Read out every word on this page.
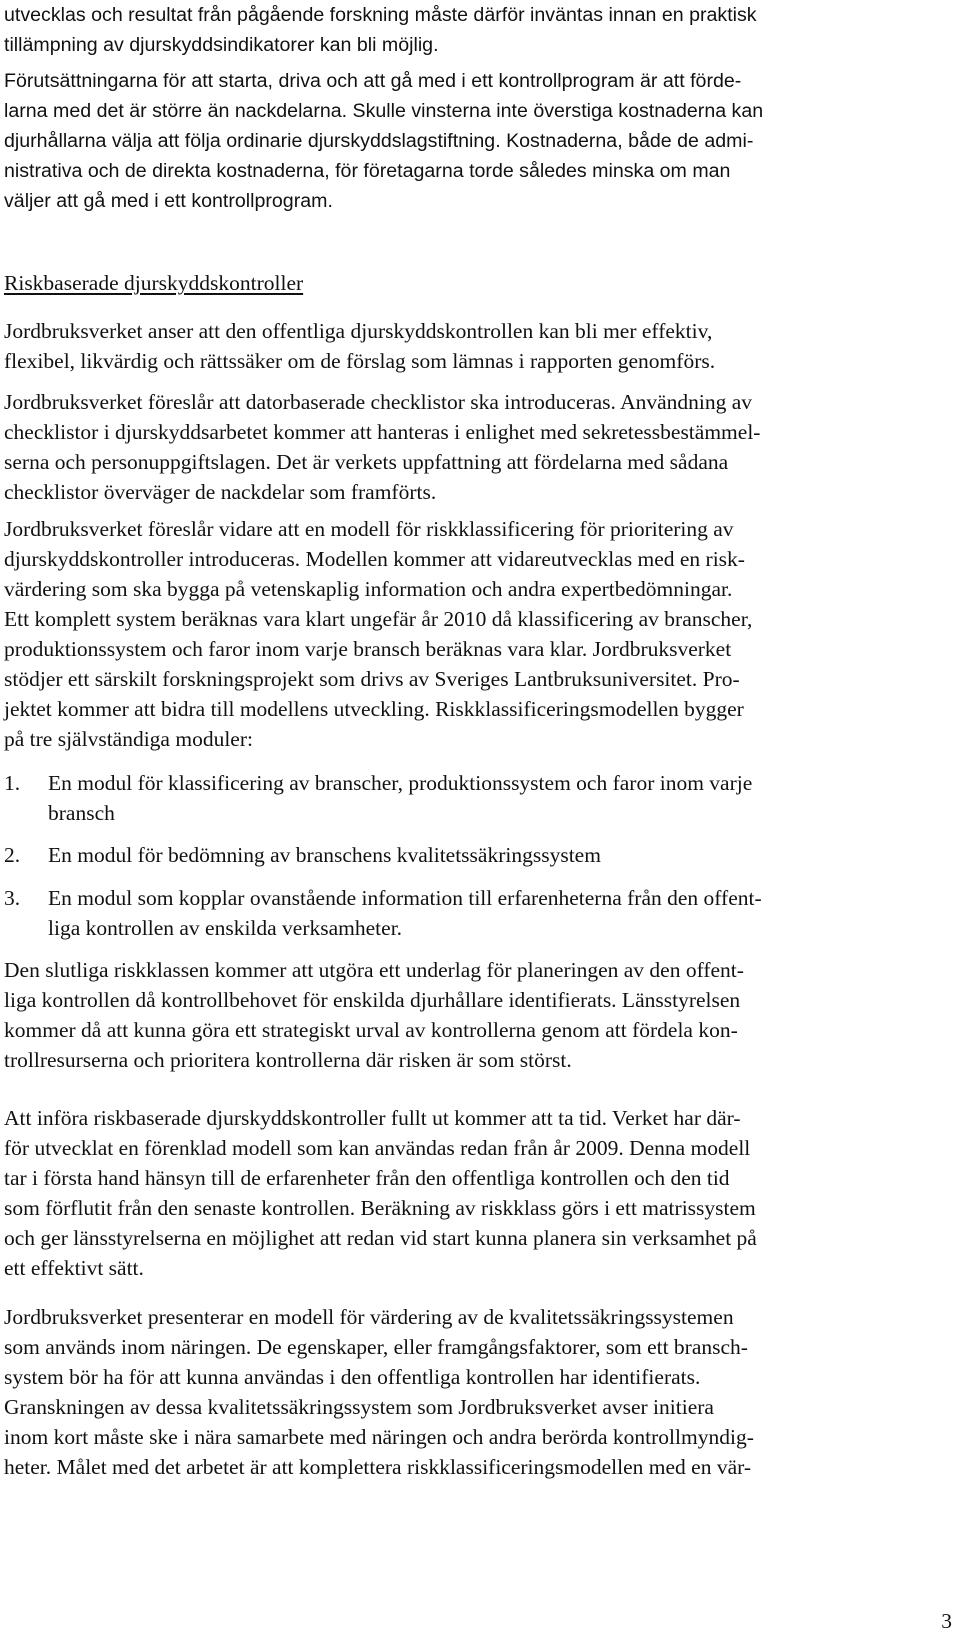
utvecklas och resultat från pågående forskning måste därför inväntas innan en praktisk
tillämpning av djurskyddsindikatorer kan bli möjlig.
Förutsättningarna för att starta, driva och att gå med i ett kontrollprogram är att förde-
larna med det är större än nackdelarna. Skulle vinsterna inte överstiga kostnaderna kan
djurhållarna välja att följa ordinarie djurskyddslagstiftning. Kostnaderna, både de admi-
nistrativa och de direkta kostnaderna, för företagarna torde således minska om man
väljer att gå med i ett kontrollprogram.
Riskbaserade djurskyddskontroller
Jordbruksverket anser att den offentliga djurskyddskontrollen kan bli mer effektiv,
flexibel, likvärdig och rättssäker om de förslag som lämnas i rapporten genomförs.
Jordbruksverket föreslår att datorbaserade checklistor ska introduceras. Användning av
checklistor i djurskyddsarbetet kommer att hanteras i enlighet med sekretessbestämmel-
serna och personuppgiftslagen. Det är verkets uppfattning att fördelarna med sådana
checklistor överväger de nackdelar som framförts.
Jordbruksverket föreslår vidare att en modell för riskklassificering för prioritering av
djurskyddskontroller introduceras. Modellen kommer att vidareutvecklas med en risk-
värdering som ska bygga på vetenskaplig information och andra expertbedömningar.
Ett komplett system beräknas vara klart ungefär år 2010 då klassificering av branscher,
produktionssystem och faror inom varje bransch beräknas vara klar. Jordbruksverket
stödjer ett särskilt forskningsprojekt som drivs av Sveriges Lantbruksuniversitet. Pro-
jektet kommer att bidra till modellens utveckling. Riskklassificeringsmodellen bygger
på tre självständiga moduler:
1. En modul för klassificering av branscher, produktionssystem och faror inom varje
bransch
2. En modul för bedömning av branschens kvalitetssäkringssystem
3. En modul som kopplar ovanstående information till erfarenheterna från den offent-
liga kontrollen av enskilda verksamheter.
Den slutliga riskklassen kommer att utgöra ett underlag för planeringen av den offent-
liga kontrollen då kontrollbehovet för enskilda djurhållare identifierats. Länsstyrelsen
kommer då att kunna göra ett strategiskt urval av kontrollerna genom att fördela kon-
trollresurserna och prioritera kontrollerna där risken är som störst.
Att införa riskbaserade djurskyddskontroller fullt ut kommer att ta tid. Verket har där-
för utvecklat en förenklad modell som kan användas redan från år 2009. Denna modell
tar i första hand hänsyn till de erfarenheter från den offentliga kontrollen och den tid
som förflutit från den senaste kontrollen. Beräkning av riskklass görs i ett matrissystem
och ger länsstyrelserna en möjlighet att redan vid start kunna planera sin verksamhet på
ett effektivt sätt.
Jordbruksverket presenterar en modell för värdering av de kvalitetssäkringssystemen
som används inom näringen. De egenskaper, eller framgångsfaktorer, som ett bransch-
system bör ha för att kunna användas i den offentliga kontrollen har identifierats.
Granskningen av dessa kvalitetssäkringssystem som Jordbruksverket avser initiera
inom kort måste ske i nära samarbete med näringen och andra berörda kontrollmyndig-
heter. Målet med det arbetet är att komplettera riskklassificeringsmodellen med en vär-
3
